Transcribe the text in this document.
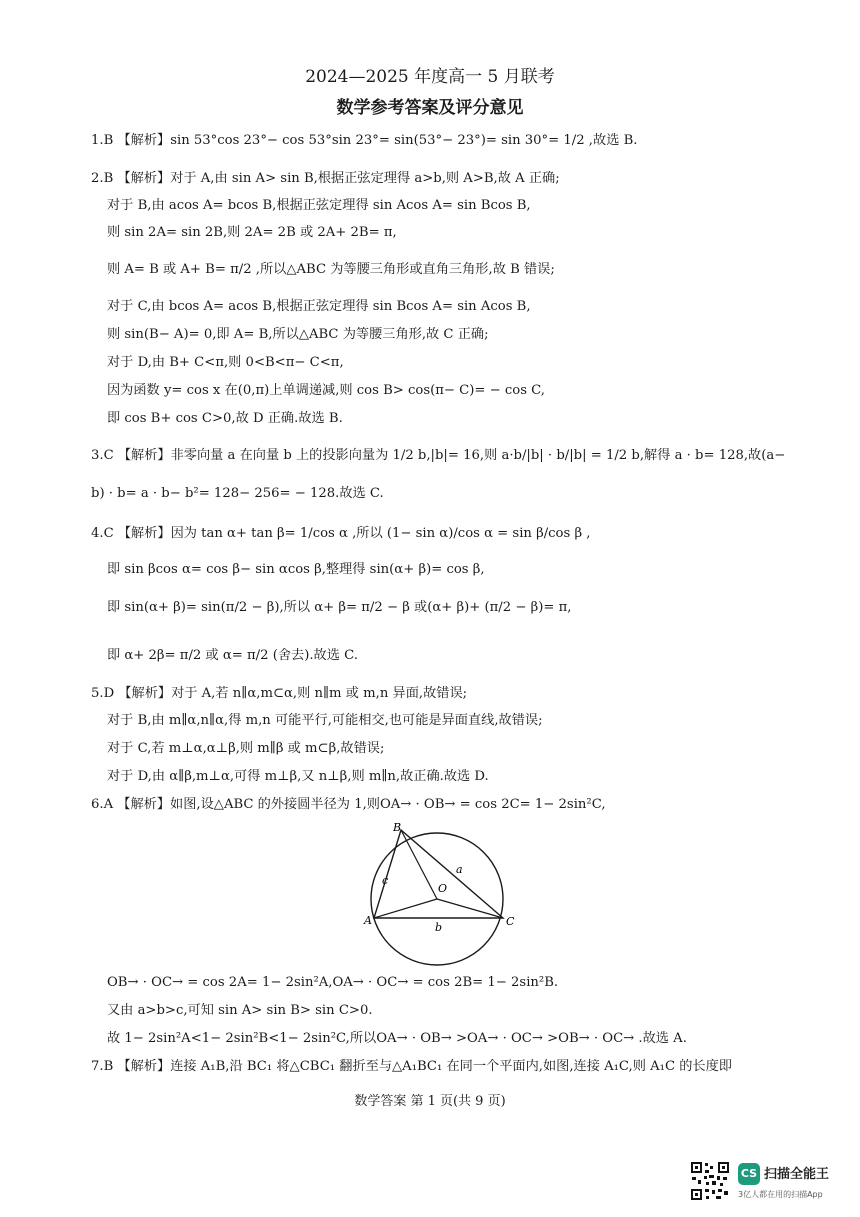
2024—2025 年度高一 5 月联考
数学参考答案及评分意见
1.B 【解析】sin 53°cos 23°− cos 53°sin 23°= sin(53°− 23°)= sin 30°= 1/2 ,故选 B.
2.B 【解析】对于 A,由 sin A> sin B,根据正弦定理得 a>b,则 A>B,故 A 正确;
对于 B,由 acos A= bcos B,根据正弦定理得 sin Acos A= sin Bcos B,
则 sin 2A= sin 2B,则 2A= 2B 或 2A+ 2B= π,
则 A= B 或 A+ B= π/2 ,所以△ABC 为等腰三角形或直角三角形,故 B 错误;
对于 C,由 bcos A= acos B,根据正弦定理得 sin Bcos A= sin Acos B,
则 sin(B− A)= 0,即 A= B,所以△ABC 为等腰三角形,故 C 正确;
对于 D,由 B+ C<π,则 0<B<π− C<π,
因为函数 y= cos x 在(0,π)上单调递减,则 cos B> cos(π− C)= − cos C,
即 cos B+ cos C>0,故 D 正确.故选 B.
3.C 【解析】非零向量 a 在向量 b 上的投影向量为 1/2 b,|b|= 16,则 a·b/|b| · b/|b| = 1/2 b,解得 a · b= 128,故(a−
b) · b= a · b− b²= 128− 256= − 128.故选 C.
4.C 【解析】因为 tan α+ tan β= 1/cos α ,所以 (1− sin α)/cos α = sin β/cos β ,
即 sin βcos α= cos β− sin αcos β,整理得 sin(α+ β)= cos β,
即 sin(α+ β)= sin(π/2 − β),所以 α+ β= π/2 − β 或(α+ β)+ (π/2 − β)= π,
即 α+ 2β= π/2 或 α= π/2 (舍去).故选 C.
5.D 【解析】对于 A,若 n∥α,m⊂α,则 n∥m 或 m,n 异面,故错误;
对于 B,由 m∥α,n∥α,得 m,n 可能平行,可能相交,也可能是异面直线,故错误;
对于 C,若 m⊥α,α⊥β,则 m∥β 或 m⊂β,故错误;
对于 D,由 α∥β,m⊥α,可得 m⊥β,又 n⊥β,则 m∥n,故正确.故选 D.
6.A 【解析】如图,设△ABC 的外接圆半径为 1,则OA→ · OB→ = cos 2C= 1− 2sin²C,
B
A	C
O
a
b
c
OB→ · OC→ = cos 2A= 1− 2sin²A,OA→ · OC→ = cos 2B= 1− 2sin²B.
又由 a>b>c,可知 sin A> sin B> sin C>0.
故 1− 2sin²A<1− 2sin²B<1− 2sin²C,所以OA→ · OB→ >OA→ · OC→ >OB→ · OC→ .故选 A.
7.B 【解析】连接 A₁B,沿 BC₁ 将△CBC₁ 翻折至与△A₁BC₁ 在同一个平面内,如图,连接 A₁C,则 A₁C 的长度即
数学答案 第 1 页(共 9 页)
CS 扫描全能王
3亿人都在用的扫描App
